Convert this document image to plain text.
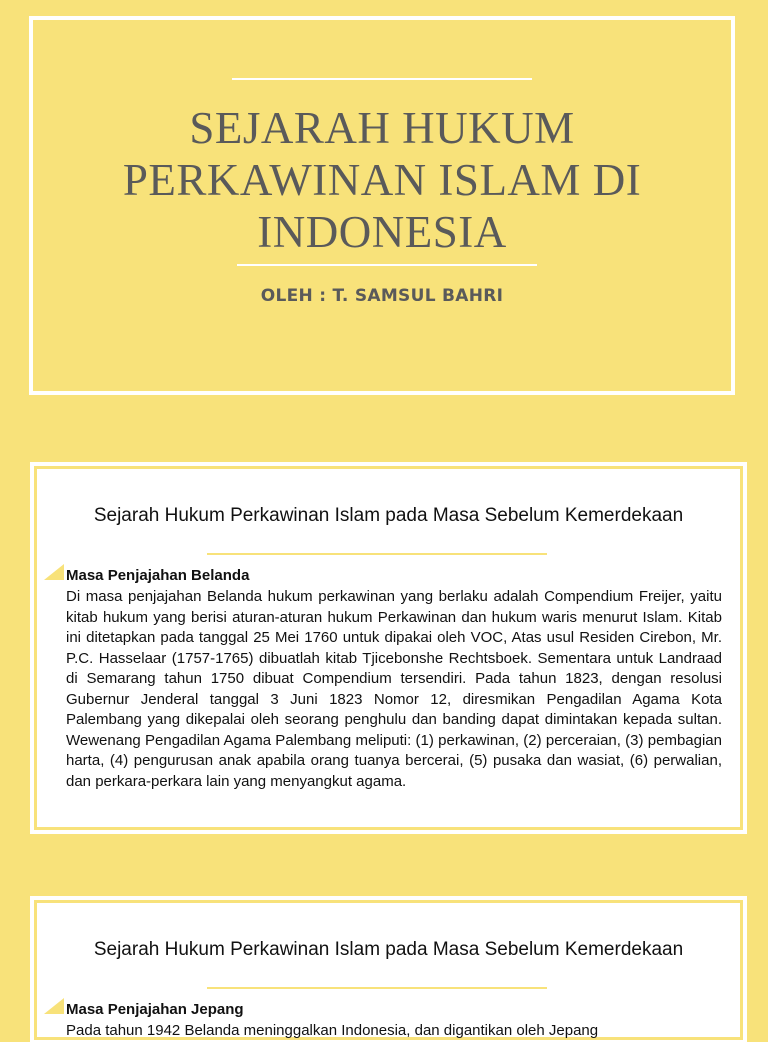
SEJARAH HUKUM PERKAWINAN ISLAM DI INDONESIA
OLEH : T. SAMSUL BAHRI
Sejarah Hukum Perkawinan Islam pada Masa Sebelum Kemerdekaan
Masa Penjajahan Belanda
Di masa penjajahan Belanda hukum perkawinan yang berlaku adalah Compendium Freijer, yaitu kitab hukum yang berisi aturan-aturan hukum Perkawinan dan hukum waris menurut Islam. Kitab ini ditetapkan pada tanggal 25 Mei 1760 untuk dipakai oleh VOC, Atas usul Residen Cirebon, Mr. P.C. Hasselaar (1757-1765) dibuatlah kitab Tjicebonshe Rechtsboek. Sementara untuk Landraad di Semarang tahun 1750 dibuat Compendium tersendiri. Pada tahun 1823, dengan resolusi Gubernur Jenderal tanggal 3 Juni 1823 Nomor 12, diresmikan Pengadilan Agama Kota Palembang yang dikepalai oleh seorang penghulu dan banding dapat dimintakan kepada sultan. Wewenang Pengadilan Agama Palembang meliputi: (1) perkawinan, (2) perceraian, (3) pembagian harta, (4) pengurusan anak apabila orang tuanya bercerai, (5) pusaka dan wasiat, (6) perwalian, dan perkara-perkara lain yang menyangkut agama.
Sejarah Hukum Perkawinan Islam pada Masa Sebelum Kemerdekaan
Masa Penjajahan Jepang
Pada tahun 1942 Belanda meninggalkan Indonesia, dan digantikan oleh Jepang
